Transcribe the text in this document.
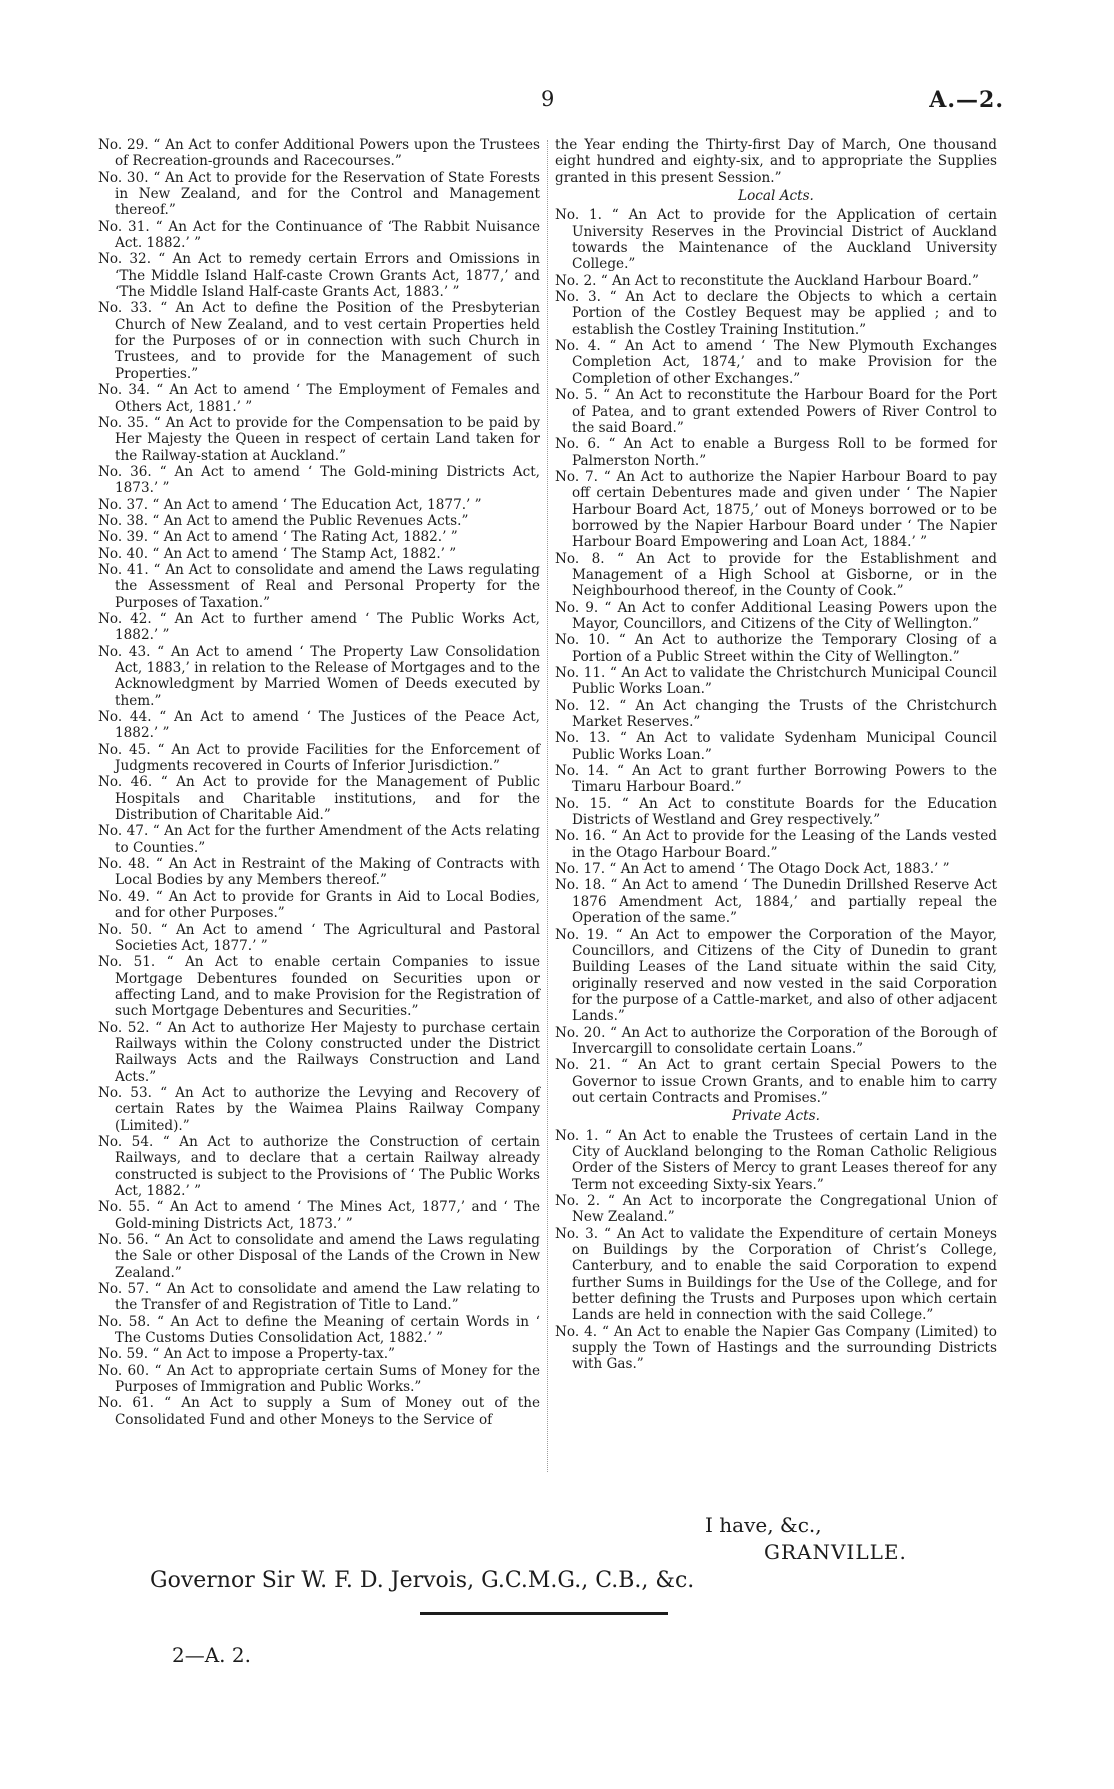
9	A.—2.
No. 29. “ An Act to confer Additional Powers upon the Trustees of Recreation-grounds and Racecourses.”
No. 30. “ An Act to provide for the Reservation of State Forests in New Zealand, and for the Control and Management thereof.”
No. 31. “ An Act for the Continuance of ‘The Rabbit Nuisance Act. 1882.’ ”
No. 32. “ An Act to remedy certain Errors and Omissions in ‘The Middle Island Half-caste Crown Grants Act, 1877,’ and ‘The Middle Island Half-caste Grants Act, 1883.’ ”
No. 33. “ An Act to define the Position of the Presbyterian Church of New Zealand, and to vest certain Properties held for the Purposes of or in connection with such Church in Trustees, and to provide for the Management of such Properties.”
No. 34. “ An Act to amend ‘ The Employment of Females and Others Act, 1881.’ ”
No. 35. “ An Act to provide for the Compensation to be paid by Her Majesty the Queen in respect of certain Land taken for the Railway-station at Auckland.”
No. 36. “ An Act to amend ‘ The Gold-mining Districts Act, 1873.’ ”
No. 37. “ An Act to amend ‘ The Education Act, 1877.’ ”
No. 38. “ An Act to amend the Public Revenues Acts.”
No. 39. “ An Act to amend ‘ The Rating Act, 1882.’ ”
No. 40. “ An Act to amend ‘ The Stamp Act, 1882.’ ”
No. 41. “ An Act to consolidate and amend the Laws regulating the Assessment of Real and Personal Property for the Purposes of Taxation.”
No. 42. “ An Act to further amend ‘ The Public Works Act, 1882.’ ”
No. 43. “ An Act to amend ‘ The Property Law Consolidation Act, 1883,’ in relation to the Release of Mortgages and to the Acknowledgment by Married Women of Deeds executed by them.”
No. 44. “ An Act to amend ‘ The Justices of the Peace Act, 1882.’ ”
No. 45. “ An Act to provide Facilities for the Enforcement of Judgments recovered in Courts of Inferior Jurisdiction.”
No. 46. “ An Act to provide for the Management of Public Hospitals and Charitable institutions, and for the Distribution of Charitable Aid.”
No. 47. “ An Act for the further Amendment of the Acts relating to Counties.”
No. 48. “ An Act in Restraint of the Making of Contracts with Local Bodies by any Members thereof.”
No. 49. “ An Act to provide for Grants in Aid to Local Bodies, and for other Purposes.”
No. 50. “ An Act to amend ‘ The Agricultural and Pastoral Societies Act, 1877.’ ”
No. 51. “ An Act to enable certain Companies to issue Mortgage Debentures founded on Securities upon or affecting Land, and to make Provision for the Registration of such Mortgage Debentures and Securities.”
No. 52. “ An Act to authorize Her Majesty to purchase certain Railways within the Colony constructed under the District Railways Acts and the Railways Construction and Land Acts.”
No. 53. “ An Act to authorize the Levying and Recovery of certain Rates by the Waimea Plains Railway Company (Limited).”
No. 54. “ An Act to authorize the Construction of certain Railways, and to declare that a certain Railway already constructed is subject to the Provisions of ‘ The Public Works Act, 1882.’ ”
No. 55. “ An Act to amend ‘ The Mines Act, 1877,’ and ‘ The Gold-mining Districts Act, 1873.’ ”
No. 56. “ An Act to consolidate and amend the Laws regulating the Sale or other Disposal of the Lands of the Crown in New Zealand.”
No. 57. “ An Act to consolidate and amend the Law relating to the Transfer of and Registration of Title to Land.”
No. 58. “ An Act to define the Meaning of certain Words in ‘ The Customs Duties Consolidation Act, 1882.’ ”
No. 59. “ An Act to impose a Property-tax.”
No. 60. “ An Act to appropriate certain Sums of Money for the Purposes of Immigration and Public Works.”
No. 61. “ An Act to supply a Sum of Money out of the Consolidated Fund and other Moneys to the Service of
the Year ending the Thirty-first Day of March, One thousand eight hundred and eighty-six, and to appropriate the Supplies granted in this present Session.”
Local Acts.
No. 1. “ An Act to provide for the Application of certain University Reserves in the Provincial District of Auckland towards the Maintenance of the Auckland University College.”
No. 2. “ An Act to reconstitute the Auckland Harbour Board.”
No. 3. “ An Act to declare the Objects to which a certain Portion of the Costley Bequest may be applied ; and to establish the Costley Training Institution.”
No. 4. “ An Act to amend ‘ The New Plymouth Exchanges Completion Act, 1874,’ and to make Provision for the Completion of other Exchanges.”
No. 5. “ An Act to reconstitute the Harbour Board for the Port of Patea, and to grant extended Powers of River Control to the said Board.”
No. 6. “ An Act to enable a Burgess Roll to be formed for Palmerston North.”
No. 7. “ An Act to authorize the Napier Harbour Board to pay off certain Debentures made and given under ‘ The Napier Harbour Board Act, 1875,’ out of Moneys borrowed or to be borrowed by the Napier Harbour Board under ‘ The Napier Harbour Board Empowering and Loan Act, 1884.’ ”
No. 8. “ An Act to provide for the Establishment and Management of a High School at Gisborne, or in the Neighbourhood thereof, in the County of Cook.”
No. 9. “ An Act to confer Additional Leasing Powers upon the Mayor, Councillors, and Citizens of the City of Wellington.”
No. 10. “ An Act to authorize the Temporary Closing of a Portion of a Public Street within the City of Wellington.”
No. 11. “ An Act to validate the Christchurch Municipal Council Public Works Loan.”
No. 12. “ An Act changing the Trusts of the Christchurch Market Reserves.”
No. 13. “ An Act to validate Sydenham Municipal Council Public Works Loan.”
No. 14. “ An Act to grant further Borrowing Powers to the Timaru Harbour Board.”
No. 15. “ An Act to constitute Boards for the Education Districts of Westland and Grey respectively.”
No. 16. “ An Act to provide for the Leasing of the Lands vested in the Otago Harbour Board.”
No. 17. “ An Act to amend ‘ The Otago Dock Act, 1883.’ ”
No. 18. “ An Act to amend ‘ The Dunedin Drillshed Reserve Act 1876 Amendment Act, 1884,’ and partially repeal the Operation of the same.”
No. 19. “ An Act to empower the Corporation of the Mayor, Councillors, and Citizens of the City of Dunedin to grant Building Leases of the Land situate within the said City, originally reserved and now vested in the said Corporation for the purpose of a Cattle-market, and also of other adjacent Lands.”
No. 20. “ An Act to authorize the Corporation of the Borough of Invercargill to consolidate certain Loans.”
No. 21. “ An Act to grant certain Special Powers to the Governor to issue Crown Grants, and to enable him to carry out certain Contracts and Promises.”
Private Acts.
No. 1. “ An Act to enable the Trustees of certain Land in the City of Auckland belonging to the Roman Catholic Religious Order of the Sisters of Mercy to grant Leases thereof for any Term not exceeding Sixty-six Years.”
No. 2. “ An Act to incorporate the Congregational Union of New Zealand.”
No. 3. “ An Act to validate the Expenditure of certain Moneys on Buildings by the Corporation of Christ’s College, Canterbury, and to enable the said Corporation to expend further Sums in Buildings for the Use of the College, and for better defining the Trusts and Purposes upon which certain Lands are held in connection with the said College.”
No. 4. “ An Act to enable the Napier Gas Company (Limited) to supply the Town of Hastings and the surrounding Districts with Gas.”
I have, &c.,
GRANVILLE.
Governor Sir W. F. D. Jervois, G.C.M.G., C.B., &c.
2—A. 2.
